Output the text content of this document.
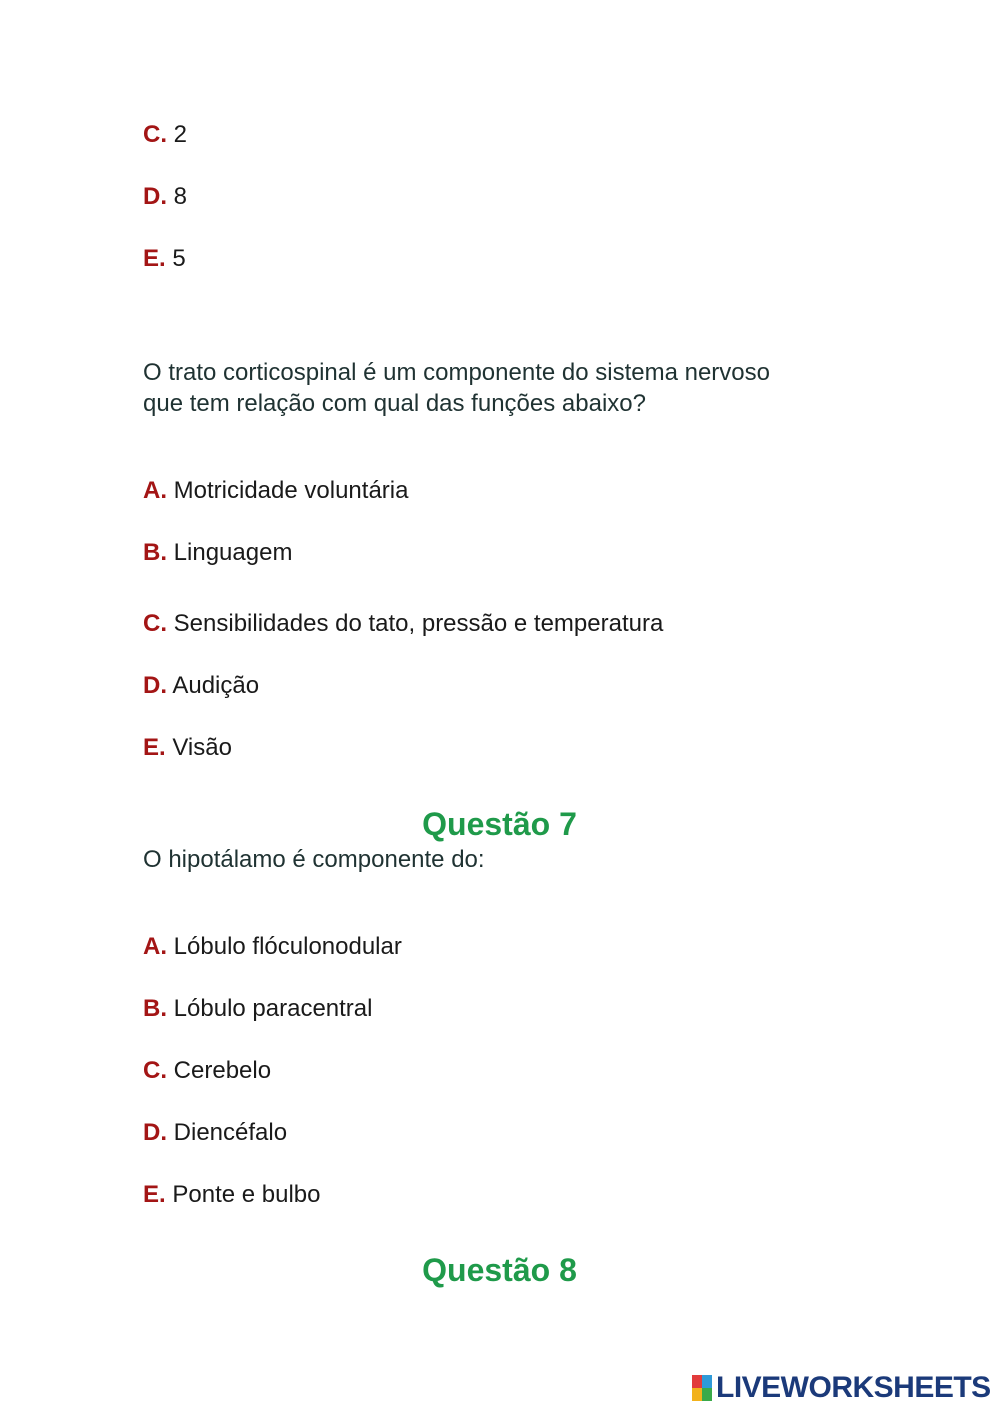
C. 2
D. 8
E. 5
O trato corticospinal é um componente do sistema nervoso
que tem relação com qual das funções abaixo?
A. Motricidade voluntária
B. Linguagem
C. Sensibilidades do tato, pressão e temperatura
D. Audição
E. Visão
Questão 7
O hipotálamo é componente do:
A. Lóbulo flóculonodular
B. Lóbulo paracentral
C. Cerebelo
D. Diencéfalo
E. Ponte e bulbo
Questão 8
LIVEWORKSHEETS
